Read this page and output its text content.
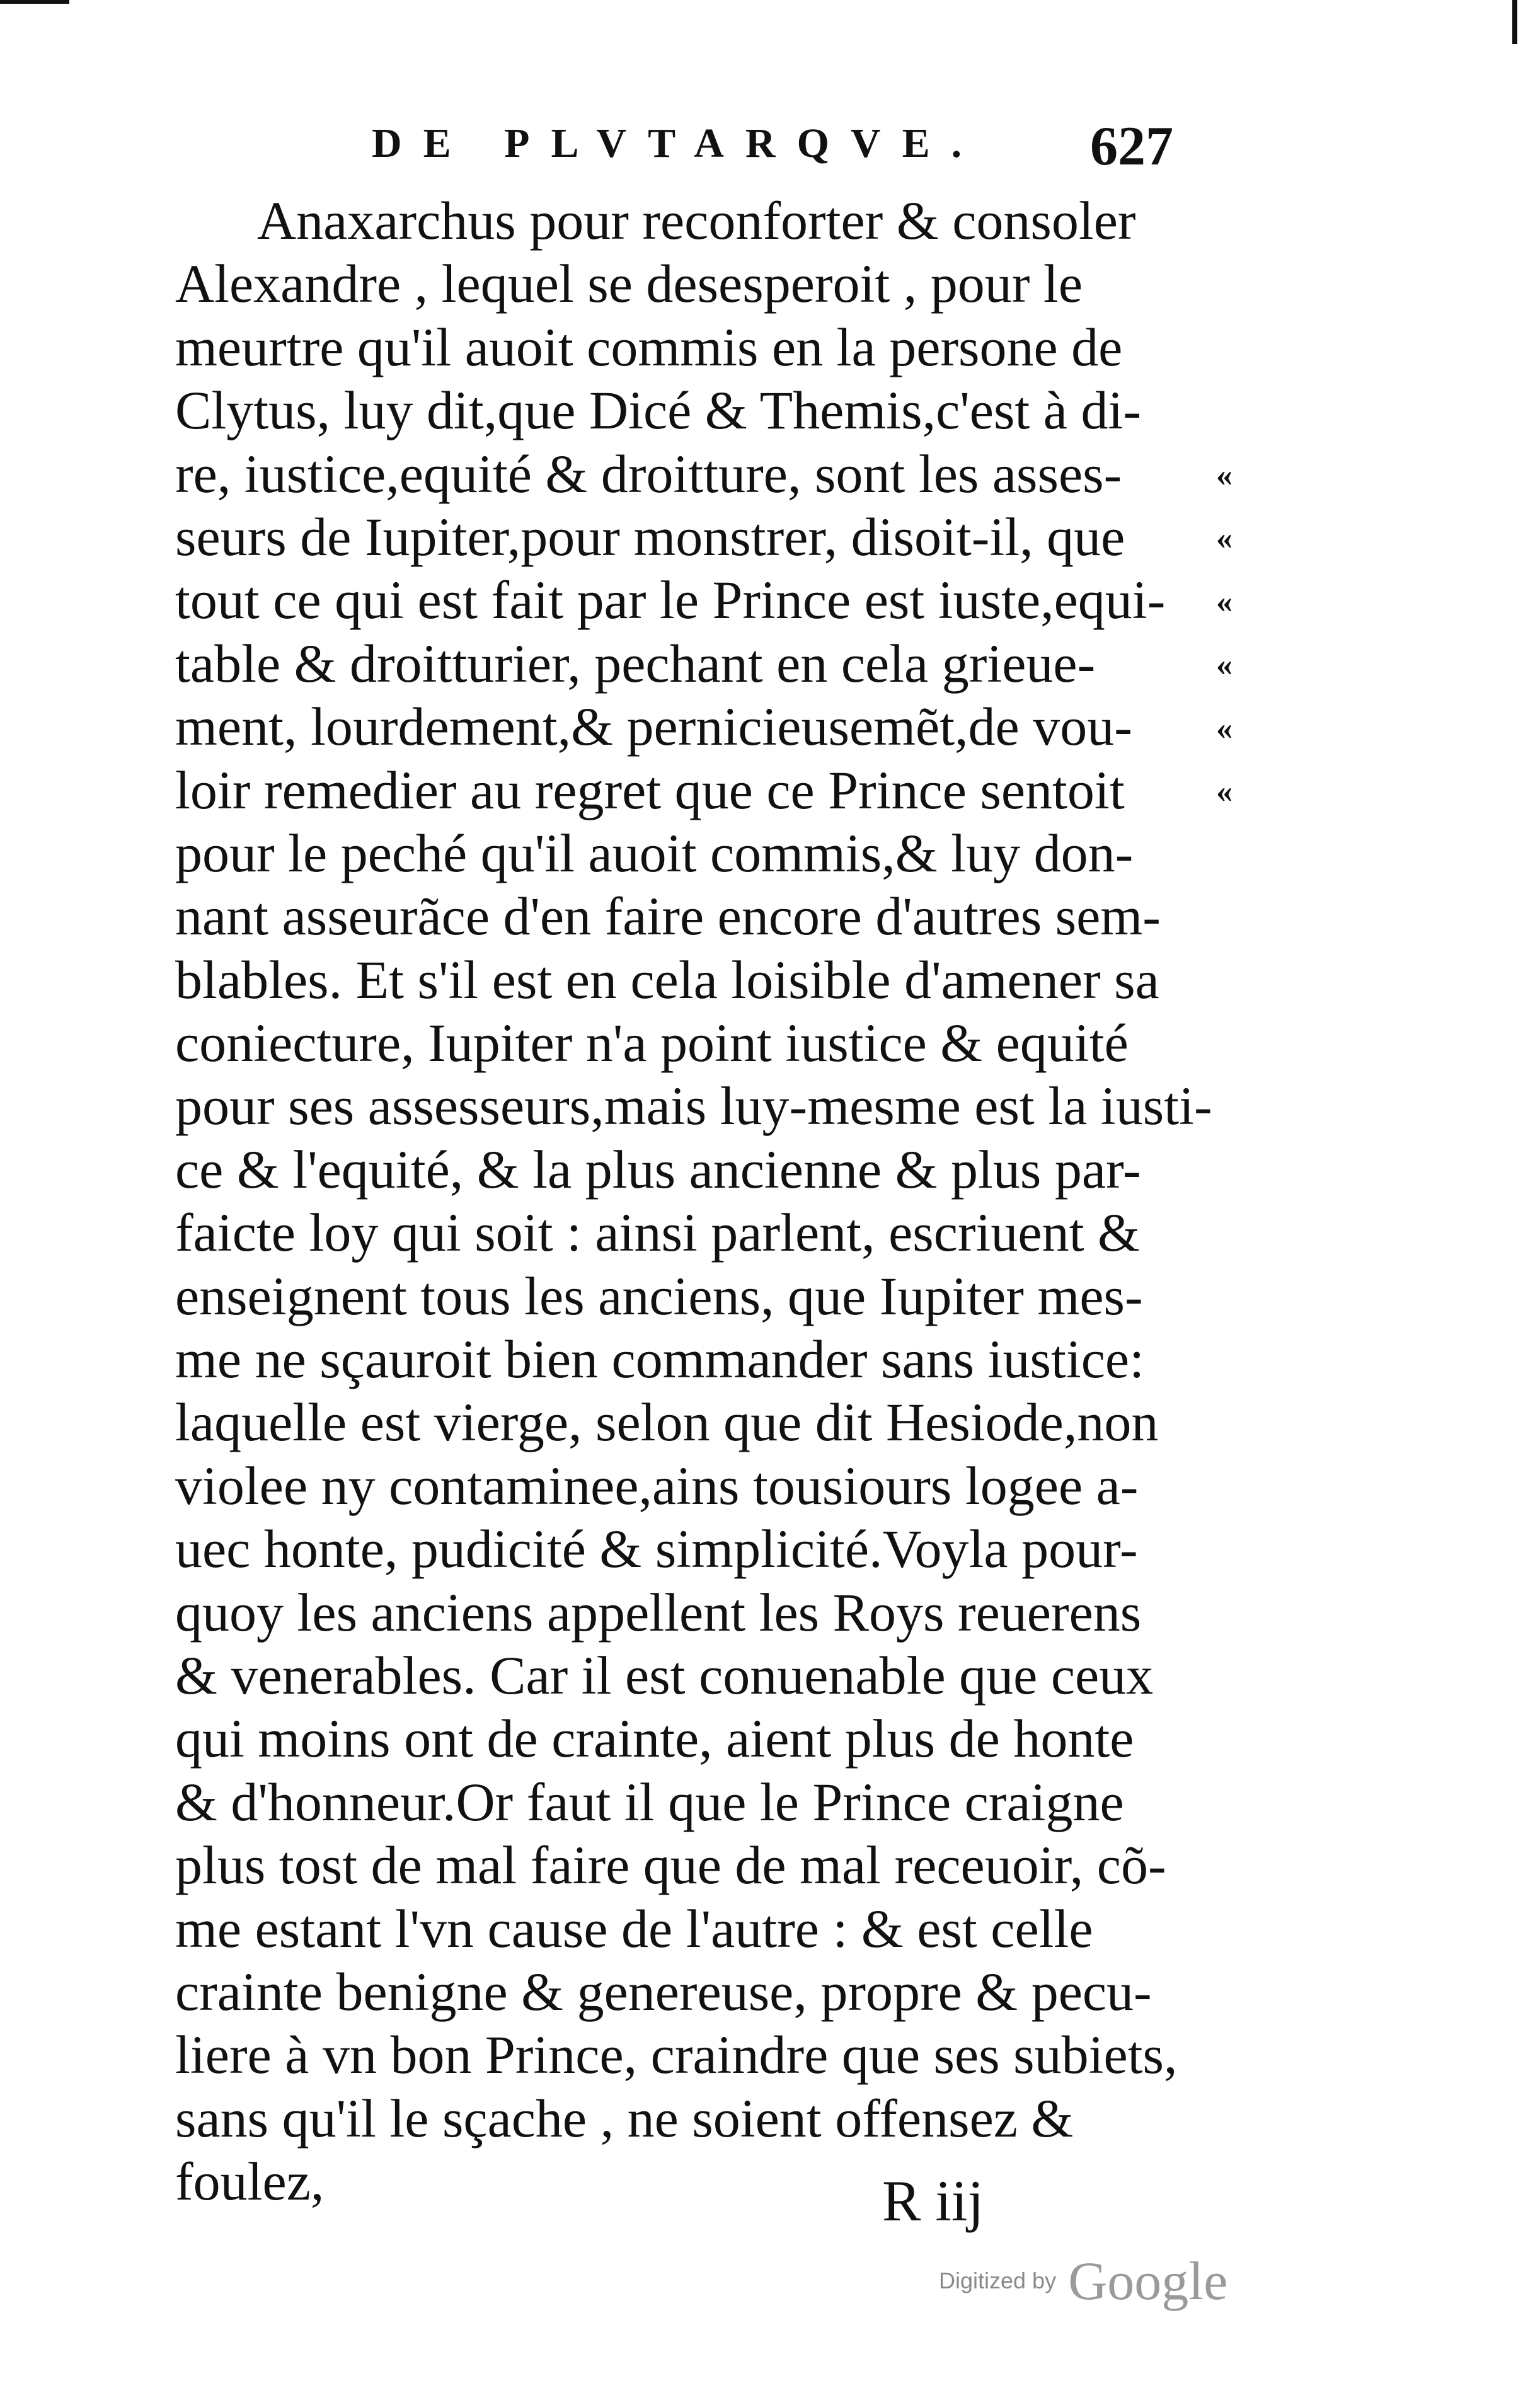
DE PLVTARQVE. 627
Anaxarchus pour reconforter & consoler
Alexandre , lequel se desesperoit , pour le
meurtre qu'il auoit commis en la persone de
Clytus, luy dit,que Dicé & Themis,c'est à di-
re, iustice,equité & droitture, sont les asses-
seurs de Iupiter,pour monstrer, disoit-il, que
tout ce qui est fait par le Prince est iuste,equi-
table & droitturier, pechant en cela grieue-
ment, lourdement,& pernicieusemẽt,de vou-
loir remedier au regret que ce Prince sentoit
pour le peché qu'il auoit commis,& luy don-
nant asseurãce d'en faire encore d'autres sem-
blables. Et s'il est en cela loisible d'amener sa
coniecture, Iupiter n'a point iustice & equité
pour ses assesseurs,mais luy-mesme est la iusti-
ce & l'equité, & la plus ancienne & plus par-
faicte loy qui soit : ainsi parlent, escriuent &
enseignent tous les anciens, que Iupiter mes-
me ne sçauroit bien commander sans iustice:
laquelle est vierge, selon que dit Hesiode,non
violee ny contaminee,ains tousiours logee a-
uec honte, pudicité & simplicité.Voyla pour-
quoy les anciens appellent les Roys reuerens
& venerables. Car il est conuenable que ceux
qui moins ont de crainte, aient plus de honte
& d'honneur.Or faut il que le Prince craigne
plus tost de mal faire que de mal receuoir, cõ-
me estant l'vn cause de l'autre : & est celle
crainte benigne & genereuse, propre & pecu-
liere à vn bon Prince, craindre que ses subiets,
sans qu'il le sçache , ne soient offensez &
foulez,
«
«
«
«
«
«
R iij
Digitized by Google
